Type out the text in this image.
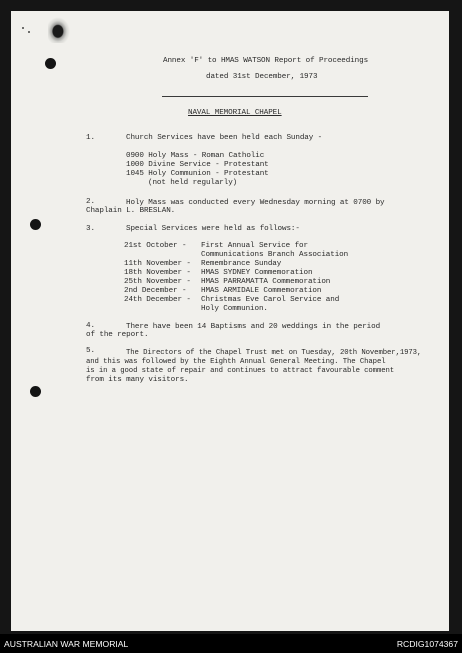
Annex 'F' to HMAS WATSON Report of Proceedings
dated 31st December, 1973
NAVAL MEMORIAL CHAPEL
1.	Church Services have been held each Sunday -
0900 Holy Mass - Roman Catholic
1000 Divine Service - Protestant
1045 Holy Communion - Protestant
(not held regularly)
2.	Holy Mass was conducted every Wednesday morning at 0700 by
Chaplain L. BRESLAN.
3.	Special Services were held as follows:-
21st October - First Annual Service for
Communications Branch Association
11th November - Remembrance Sunday
18th November - HMAS SYDNEY Commemoration
25th November - HMAS PARRAMATTA Commemoration
2nd December - HMAS ARMIDALE Commemoration
24th December - Christmas Eve Carol Service and
Holy Communion.
4.	There have been 14 Baptisms and 20 weddings in the period
of the report.
5.	The Directors of the Chapel Trust met on Tuesday, 20th November,1973,
and this was followed by the Eighth Annual General Meeting. The Chapel
is in a good state of repair and continues to attract favourable comment
from its many visitors.
AUSTRALIAN WAR MEMORIAL	RCDIG1074367
